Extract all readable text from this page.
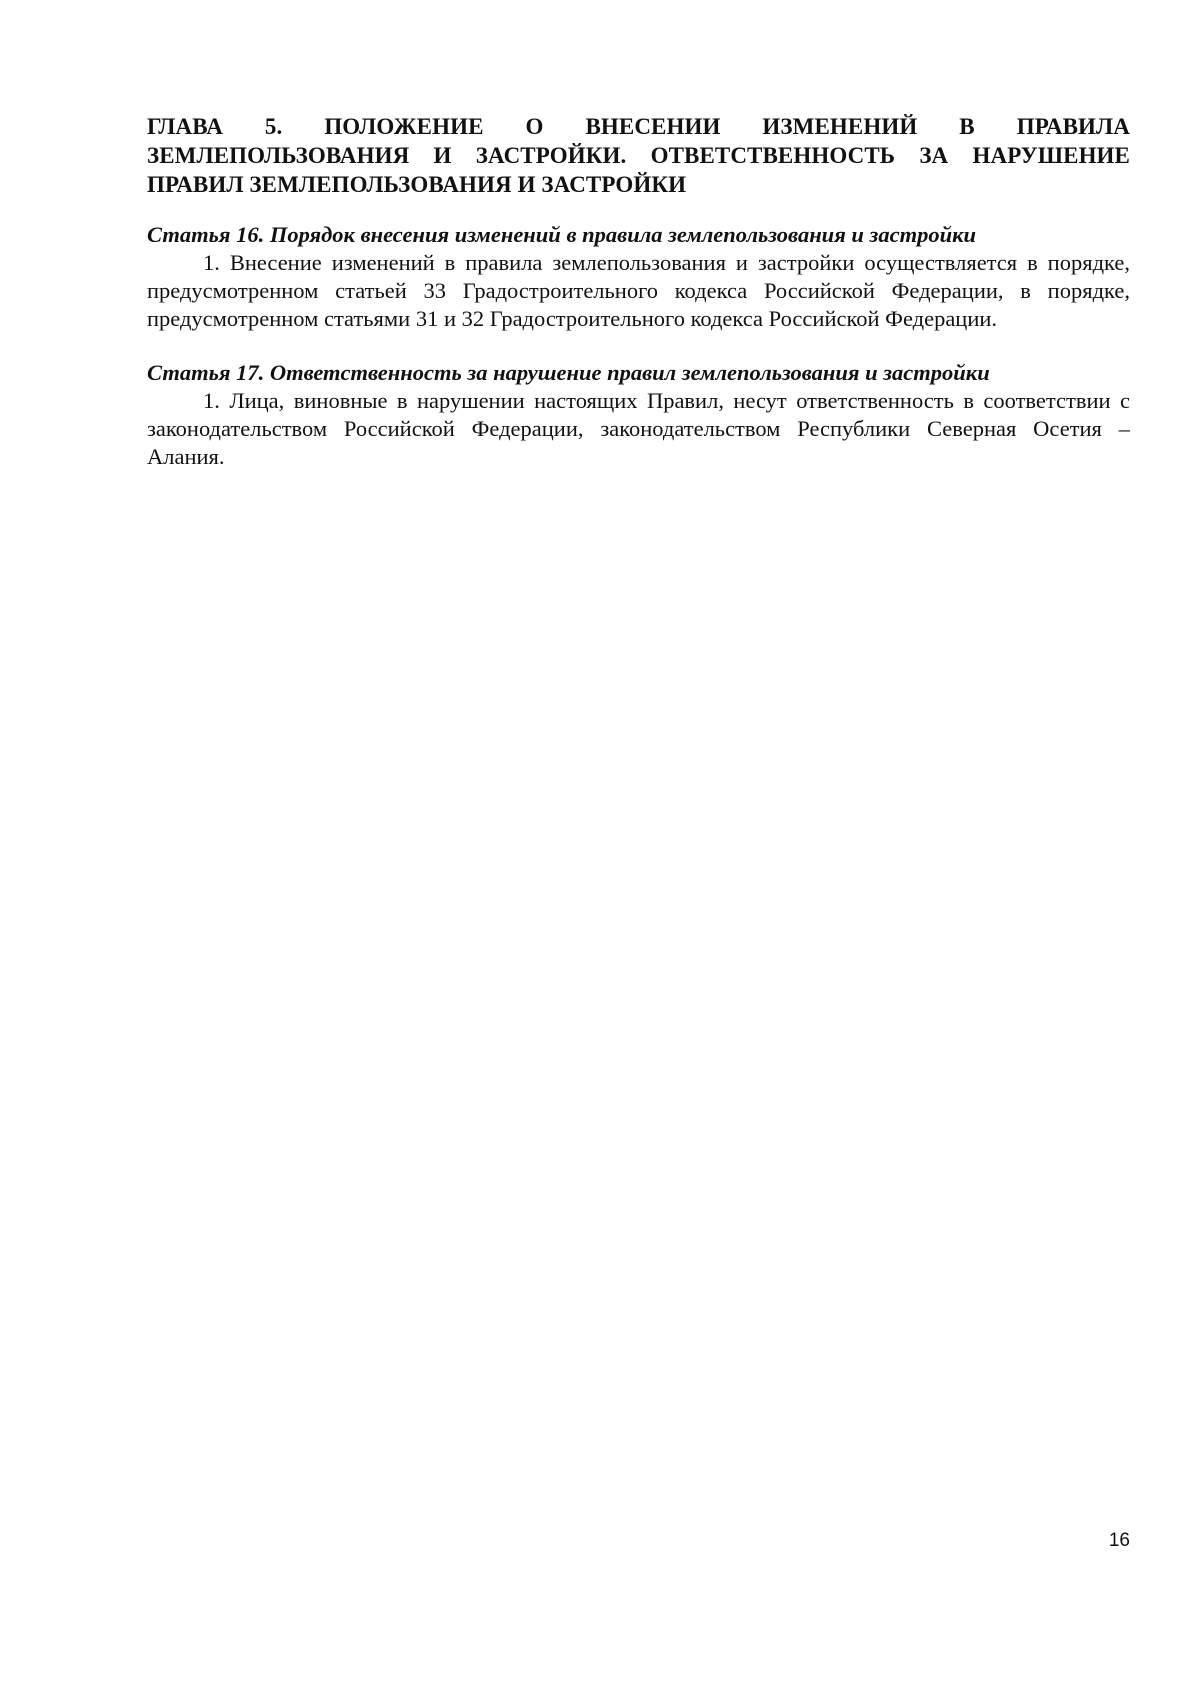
ГЛАВА 5. ПОЛОЖЕНИЕ О ВНЕСЕНИИ ИЗМЕНЕНИЙ В ПРАВИЛА ЗЕМЛЕПОЛЬЗОВАНИЯ И ЗАСТРОЙКИ. ОТВЕТСТВЕННОСТЬ ЗА НАРУШЕНИЕ ПРАВИЛ ЗЕМЛЕПОЛЬЗОВАНИЯ И ЗАСТРОЙКИ
Статья 16. Порядок внесения изменений в правила землепользования и застройки

1. Внесение изменений в правила землепользования и застройки осуществляется в порядке, предусмотренном статьей 33 Градостроительного кодекса Российской Федерации, в порядке, предусмотренном статьями 31 и 32 Градостроительного кодекса Российской Федерации.

Статья 17. Ответственность за нарушение правил землепользования и застройки

1. Лица, виновные в нарушении настоящих Правил, несут ответственность в соответствии с законодательством Российской Федерации, законодательством Республики Северная Осетия – Алания.

16
